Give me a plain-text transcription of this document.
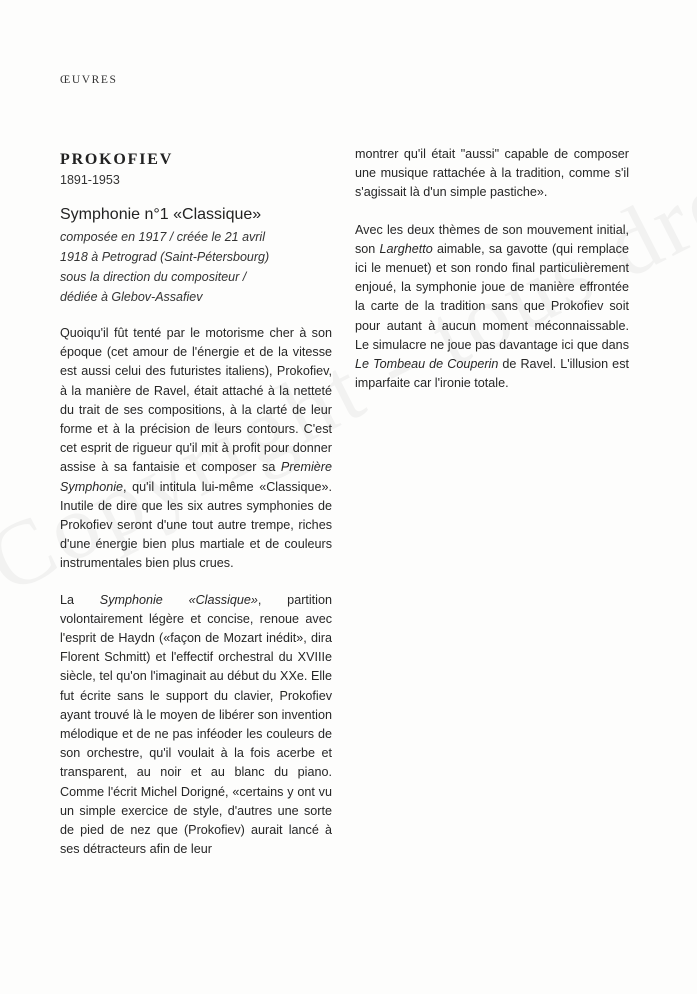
ŒUVRES
PROKOFIEV
1891-1953
Symphonie n°1 «Classique»
composée en 1917 / créée le 21 avril
1918 à Petrograd (Saint-Pétersbourg)
sous la direction du compositeur /
dédiée à Glebov-Assafiev

Quoiqu'il fût tenté par le motorisme cher à son époque (cet amour de l'énergie et de la vitesse est aussi celui des futuristes italiens), Prokofiev, à la manière de Ravel, était attaché à la netteté du trait de ses compositions, à la clarté de leur forme et à la précision de leurs contours. C'est cet esprit de rigueur qu'il mit à profit pour donner assise à sa fantaisie et composer sa Première Symphonie, qu'il intitula lui-même «Classique». Inutile de dire que les six autres symphonies de Prokofiev seront d'une tout autre trempe, riches d'une énergie bien plus martiale et de couleurs instrumentales bien plus crues.

La Symphonie «Classique», partition volontairement légère et concise, renoue avec l'esprit de Haydn («façon de Mozart inédit», dira Florent Schmitt) et l'effectif orchestral du XVIIIe siècle, tel qu'on l'imaginait au début du XXe. Elle fut écrite sans le support du clavier, Prokofiev ayant trouvé là le moyen de libérer son invention mélodique et de ne pas inféoder les couleurs de son orchestre, qu'il voulait à la fois acerbe et transparent, au noir et au blanc du piano. Comme l'écrit Michel Dorigné, «certains y ont vu un simple exercice de style, d'autres une sorte de pied de nez que (Prokofiev) aurait lancé à ses détracteurs afin de leur

montrer qu'il était "aussi" capable de composer une musique rattachée à la tradition, comme s'il s'agissait là d'un simple pastiche».

Avec les deux thèmes de son mouvement initial, son Larghetto aimable, sa gavotte (qui remplace ici le menuet) et son rondo final particulièrement enjoué, la symphonie joue de manière effrontée la carte de la tradition sans que Prokofiev soit pour autant à aucun moment méconnaissable. Le simulacre ne joue pas davantage ici que dans Le Tombeau de Couperin de Ravel. L'illusion est imparfaite car l'ironie totale.
